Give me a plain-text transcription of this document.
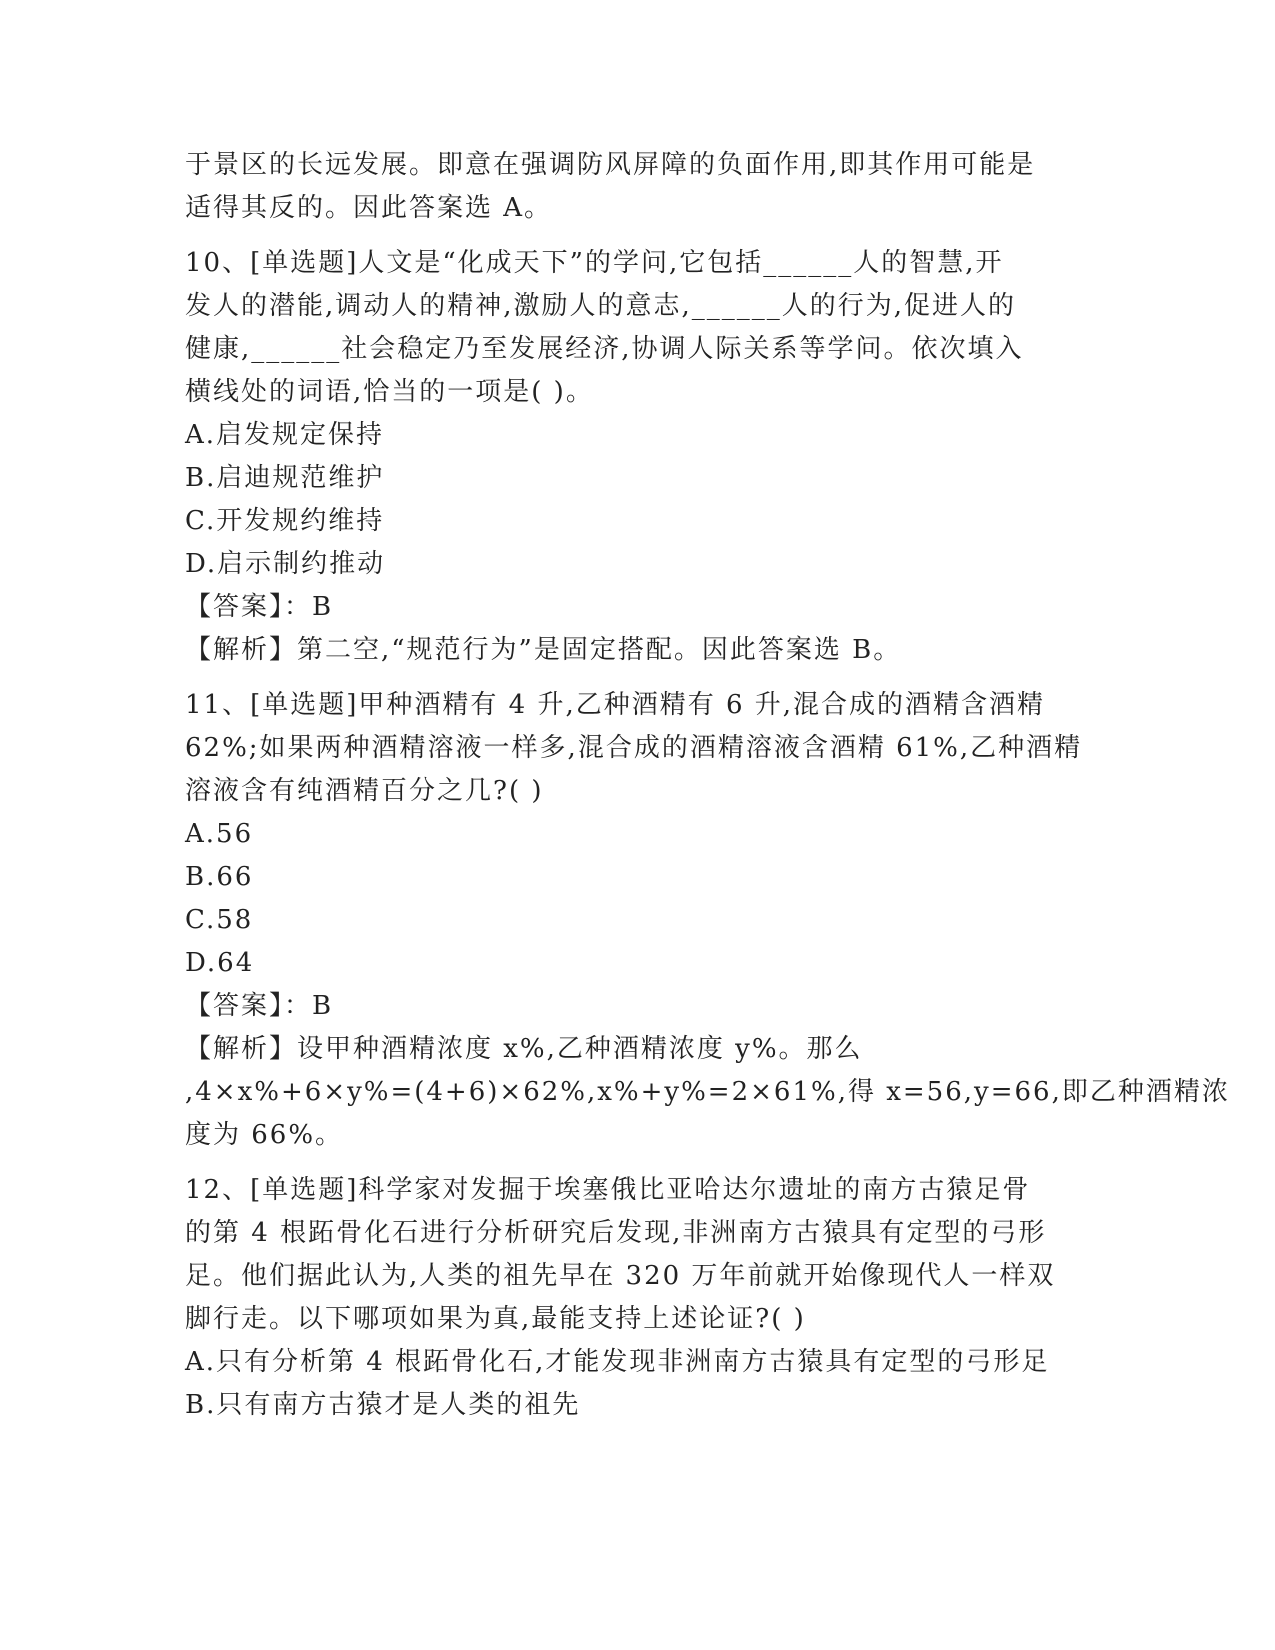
于景区的长远发展。即意在强调防风屏障的负面作用,即其作用可能是
适得其反的。因此答案选 A。
10、[单选题]人文是“化成天下”的学问,它包括______人的智慧,开
发人的潜能,调动人的精神,激励人的意志,______人的行为,促进人的
健康,______社会稳定乃至发展经济,协调人际关系等学问。依次填入
横线处的词语,恰当的一项是( )。
A.启发规定保持
B.启迪规范维护
C.开发规约维持
D.启示制约推动
【答案】：B
【解析】第二空,“规范行为”是固定搭配。因此答案选 B。
11、[单选题]甲种酒精有 4 升,乙种酒精有 6 升,混合成的酒精含酒精
62%;如果两种酒精溶液一样多,混合成的酒精溶液含酒精 61%,乙种酒精
溶液含有纯酒精百分之几?( )
A.56
B.66
C.58
D.64
【答案】：B
【解析】设甲种酒精浓度 x%,乙种酒精浓度 y%。那么
,4×x%+6×y%=(4+6)×62%,x%+y%=2×61%,得 x=56,y=66,即乙种酒精浓
度为 66%。
12、[单选题]科学家对发掘于埃塞俄比亚哈达尔遗址的南方古猿足骨
的第 4 根跖骨化石进行分析研究后发现,非洲南方古猿具有定型的弓形
足。他们据此认为,人类的祖先早在 320 万年前就开始像现代人一样双
脚行走。以下哪项如果为真,最能支持上述论证?( )
A.只有分析第 4 根跖骨化石,才能发现非洲南方古猿具有定型的弓形足
B.只有南方古猿才是人类的祖先
